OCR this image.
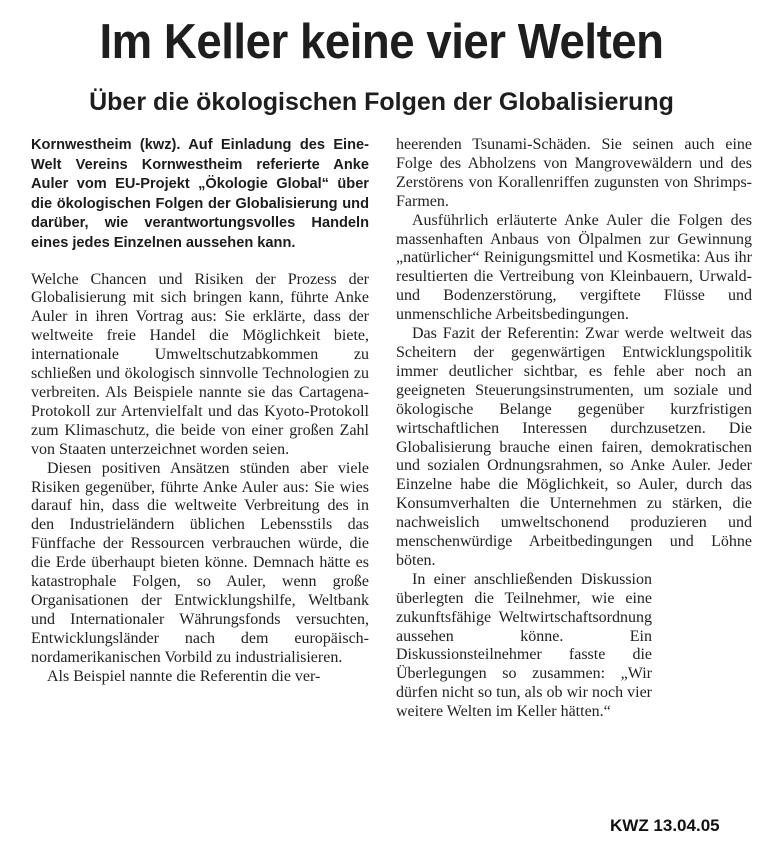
Im Keller keine vier Welten
Über die ökologischen Folgen der Globalisierung

Kornwestheim (kwz). Auf Einladung des Eine-Welt Vereins Kornwestheim referierte Anke Auler vom EU-Projekt „Ökologie Global“ über die ökologischen Folgen der Globalisierung und darüber, wie verantwortungsvolles Handeln eines jedes Einzelnen aussehen kann.

Welche Chancen und Risiken der Prozess der Globalisierung mit sich bringen kann, führte Anke Auler in ihren Vortrag aus: Sie erklärte, dass der weltweite freie Handel die Möglichkeit biete, internationale Umweltschutzabkommen zu schließen und ökologisch sinnvolle Technologien zu verbreiten. Als Beispiele nannte sie das Cartagena-Protokoll zur Artenvielfalt und das Kyoto-Protokoll zum Klimaschutz, die beide von einer großen Zahl von Staaten unterzeichnet worden seien.

Diesen positiven Ansätzen stünden aber viele Risiken gegenüber, führte Anke Auler aus: Sie wies darauf hin, dass die weltweite Verbreitung des in den Industrieländern üblichen Lebensstils das Fünffache der Ressourcen verbrauchen würde, die die Erde überhaupt bieten könne. Demnach hätte es katastrophale Folgen, so Auler, wenn große Organisationen der Entwicklungshilfe, Weltbank und Internationaler Währungsfonds versuchten, Entwicklungsländer nach dem europäisch-nordamerikanischen Vorbild zu industrialisieren.

Als Beispiel nannte die Referentin die ver-

heerenden Tsunami-Schäden. Sie seinen auch eine Folge des Abholzens von Mangrovewäldern und des Zerstörens von Korallenriffen zugunsten von Shrimps-Farmen.

Ausführlich erläuterte Anke Auler die Folgen des massenhaften Anbaus von Ölpalmen zur Gewinnung „natürlicher“ Reinigungsmittel und Kosmetika: Aus ihr resultierten die Vertreibung von Kleinbauern, Urwald- und Bodenzerstörung, vergiftete Flüsse und unmenschliche Arbeitsbedingungen.

Das Fazit der Referentin: Zwar werde weltweit das Scheitern der gegenwärtigen Entwicklungspolitik immer deutlicher sichtbar, es fehle aber noch an geeigneten Steuerungsinstrumenten, um soziale und ökologische Belange gegenüber kurzfristigen wirtschaftlichen Interessen durchzusetzen. Die Globalisierung brauche einen fairen, demokratischen und sozialen Ordnungsrahmen, so Anke Auler. Jeder Einzelne habe die Möglichkeit, so Auler, durch das Konsumverhalten die Unternehmen zu stärken, die nachweislich umweltschonend produzieren und menschenwürdige Arbeitbedingungen und Löhne böten.

In einer anschließenden Diskussion überlegten die Teilnehmer, wie eine zukunftsfähige Weltwirtschaftsordnung aussehen könne. Ein Diskussionsteilnehmer fasste die Überlegungen so zusammen: „Wir dürfen nicht so tun, als ob wir noch vier weitere Welten im Keller hätten.“

KWZ 13.04.05
